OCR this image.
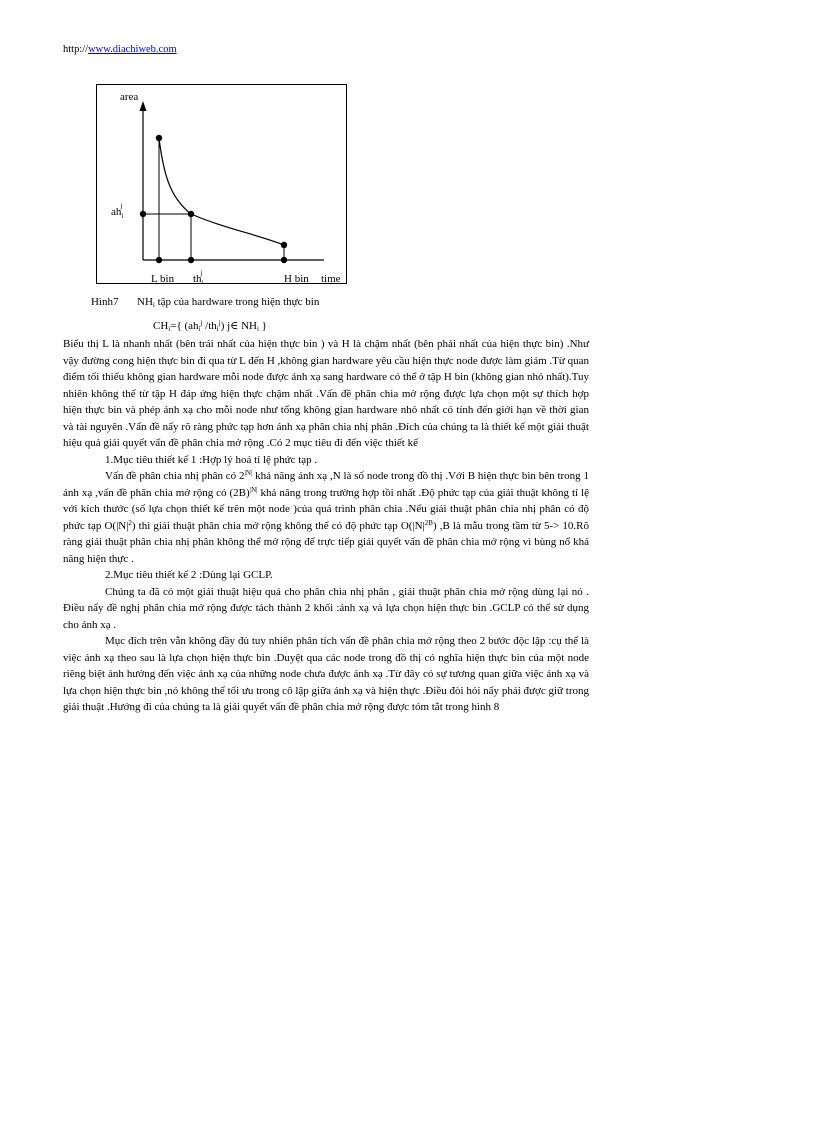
http://www.diachiweb.com
area
$ah_ij$
L bin $th_ij$	H bin time
Hình7 $NH_i$ tập của hardware trong hiện thực bin
$CH_i=${ ($ah_i^j$ $/th_i^j$) j∈ $NH_i$ }

Biểu thị L là nhanh nhất (bên trái nhất của hiện thực bin ) và H là chậm nhất (bên phải nhất của hiện thực bin) .Như vậy đường cong hiện thực bin đi qua từ L đến H ,không gian hardware yêu cầu hiện thực node được làm giảm .Từ quan điểm tối thiểu không gian hardware mỗi node được ánh xạ sang hardware có thể ở tập H bin (không gian nhỏ nhất).Tuy nhiên không thể từ tập H đáp ứng hiện thực chậm nhất .Vấn đề phân chia mở rộng được lựa chọn một sự thích hợp hiện thực bin và phép ánh xạ cho mỗi node như tổng không gian hardware nhỏ nhất có tính đến giới hạn về thời gian và tài nguyên .Vấn đề nẩy rõ ràng phức tạp hơn ánh xạ phân chia nhị phân .Đích của chúng ta là thiết kế một giải thuật hiệu quả giải quyết vấn đề phân chia mở rộng .Có 2 mục tiêu đi đến việc thiết kế

1.Mục tiêu thiết kế 1 :Hợp lý hoá tỉ lệ phức tạp .

Vấn đề phân chia nhị phân có $2^{|N|}$ khả năng ánh xạ ,N là số node trong đồ thị .Với B hiện thực bin bên trong 1 ánh xạ ,vấn đề phân chia mở rộng có $(2B)^{|N|}$ khả năng trong trường hợp tồi nhất .Độ phức tạp của giải thuật không tỉ lệ với kích thước (số lựa chọn thiết kế trên một node )của quá trình phân chia .Nếu giải thuật phân chia nhị phân có độ phức tạp $O(|N|^2)$ thì giải thuật phân chia mở rộng không thể có độ phức tạp $O(|N|^{2B})$ ,B là mẫu trong tầm từ 5-> 10.Rõ ràng giải thuật phân chia nhị phân không thể mở rộng để trực tiếp giải quyết vấn đề phân chia mở rộng vì bùng nổ khả năng hiện thực .

2.Mục tiêu thiết kế 2 :Dùng lại GCLP.

Chúng ta đã có một giải thuật hiệu quả cho phân chia nhị phân , giải thuật phân chia mở rộng dùng lại nó . Điều nẩy đề nghị phân chia mở rộng được tách thành 2 khối :ánh xạ và lựa chọn hiện thực bin .GCLP có thể sử dụng cho ánh xạ .

Mục đích trên vẫn không đầy đủ tuy nhiên phân tích vấn đề phân chia mở rộng theo 2 bước độc lập :cụ thể là việc ánh xạ theo sau là lựa chọn hiện thực bin .Duyệt qua các node trong đồ thị có nghĩa hiện thực bin của một node riêng biệt ảnh hưởng đến việc ánh xạ của những node chưa được ánh xạ .Từ đây có sự tương quan giữa việc ánh xạ và lựa chọn hiện thực bin ,nó không thể tối ưu trong cô lập giữa ánh xạ và hiện thực .Điều đòi hỏi nẩy phải được giữ trong giải thuật .Hướng đi của chúng ta là giải quyết vấn đề phân chia mở rộng được tóm tắt trong hình 8
